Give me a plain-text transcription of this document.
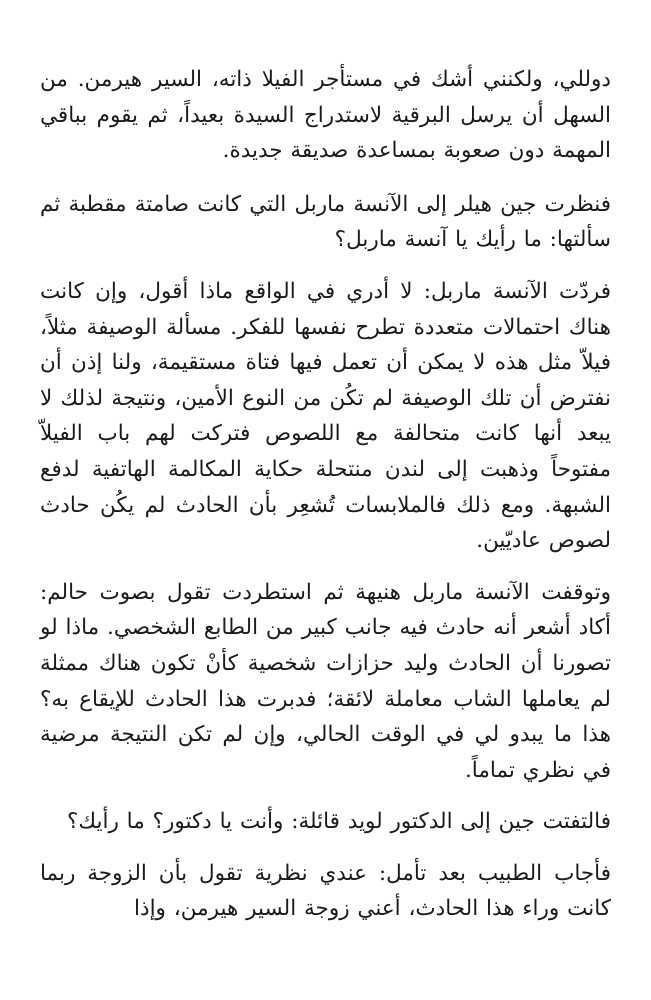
دوللي، ولكنني أشك في مستأجر الفيلا ذاته، السير هيرمن. من السهل أن يرسل البرقية لاستدراج السيدة بعيداً، ثم يقوم بباقي المهمة دون صعوبة بمساعدة صديقة جديدة.

فنظرت جين هيلر إلى الآنسة ماربل التي كانت صامتة مقطبة ثم سألتها: ما رأيك يا آنسة ماربل؟

فردّت الآنسة ماربل: لا أدري في الواقع ماذا أقول، وإن كانت هناك احتمالات متعددة تطرح نفسها للفكر. مسألة الوصيفة مثلاً، فيلاّ مثل هذه لا يمكن أن تعمل فيها فتاة مستقيمة، ولنا إذن أن نفترض أن تلك الوصيفة لم تكُن من النوع الأمين، ونتيجة لذلك لا يبعد أنها كانت متحالفة مع اللصوص فتركت لهم باب الفيلاّ مفتوحاً وذهبت إلى لندن منتحلة حكاية المكالمة الهاتفية لدفع الشبهة. ومع ذلك فالملابسات تُشعِر بأن الحادث لم يكُن حادث لصوص عاديّين.

وتوقفت الآنسة ماربل هنيهة ثم استطردت تقول بصوت حالم: أكاد أشعر أنه حادث فيه جانب كبير من الطابع الشخصي. ماذا لو تصورنا أن الحادث وليد حزازات شخصية كأنْ تكون هناك ممثلة لم يعاملها الشاب معاملة لائقة؛ فدبرت هذا الحادث للإيقاع به؟ هذا ما يبدو لي في الوقت الحالي، وإن لم تكن النتيجة مرضية في نظري تماماً.

فالتفتت جين إلى الدكتور لويد قائلة: وأنت يا دكتور؟ ما رأيك؟

فأجاب الطبيب بعد تأمل: عندي نظرية تقول بأن الزوجة ربما كانت وراء هذا الحادث، أعني زوجة السير هيرمن، وإذا
